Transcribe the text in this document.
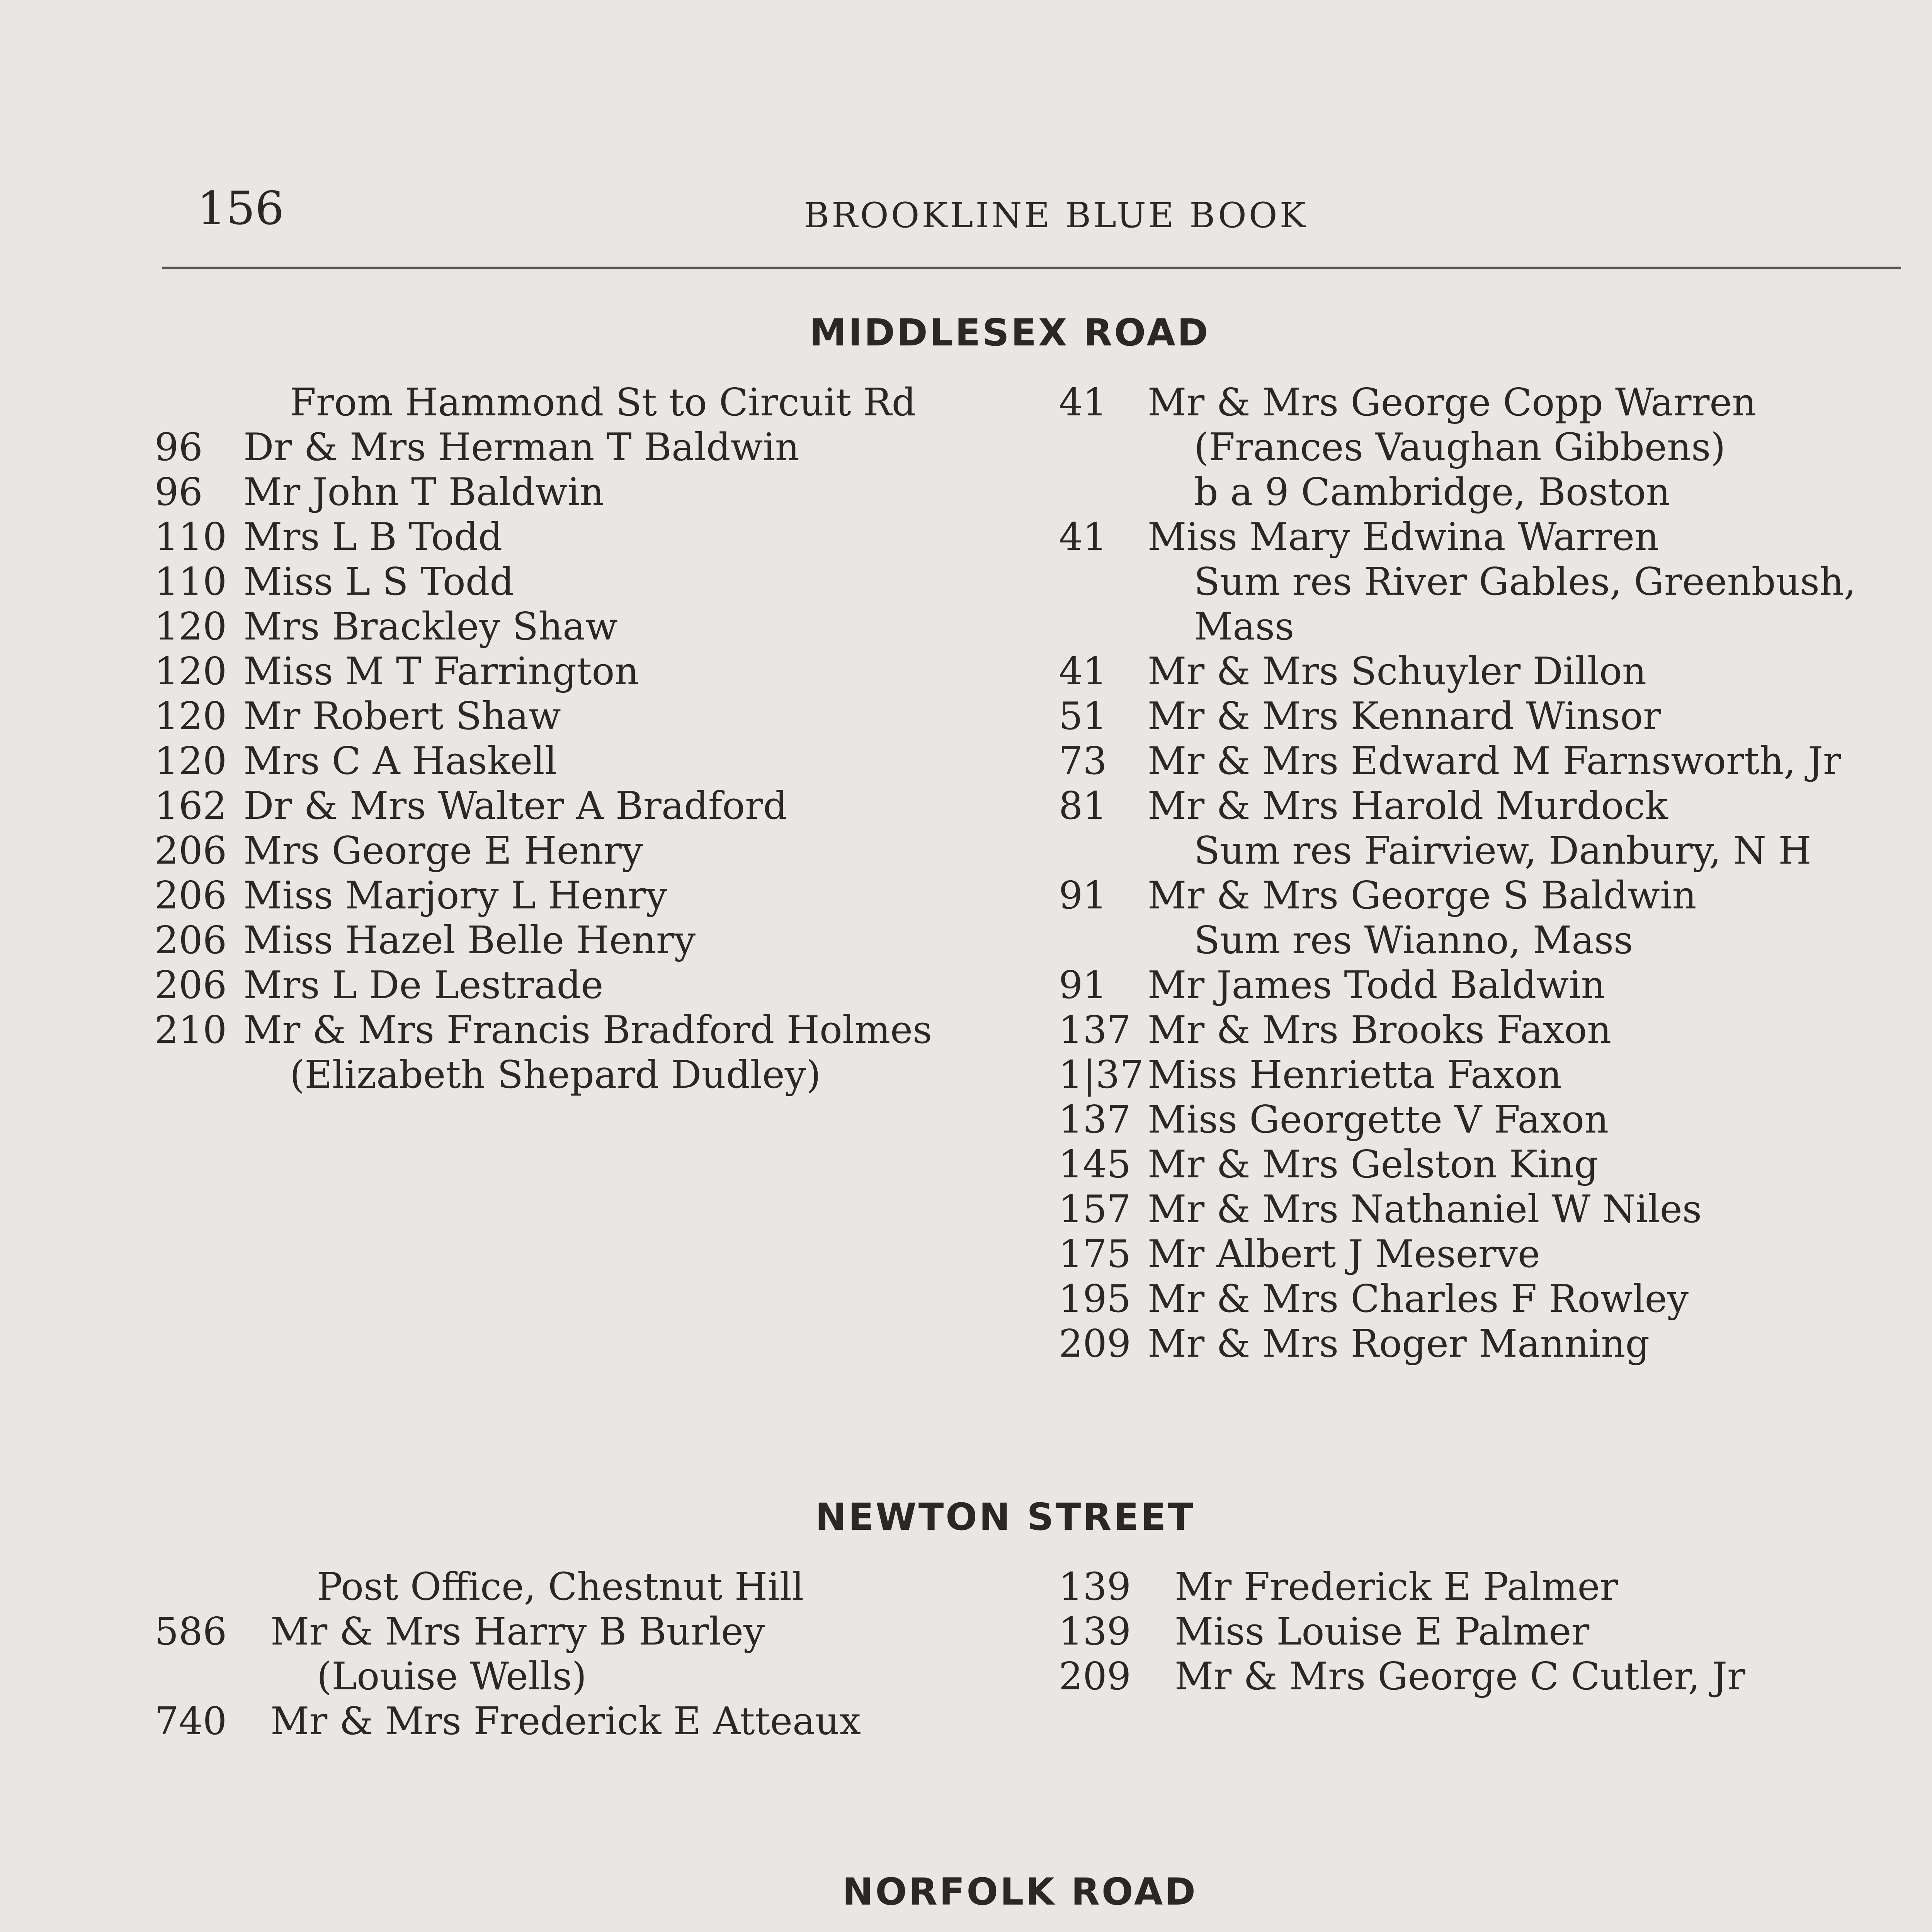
156	BROOKLINE BLUE BOOK
MIDDLESEX ROAD
From Hammond St to Circuit Rd
96 Dr & Mrs Herman T Baldwin
96 Mr John T Baldwin
110 Mrs L B Todd
110 Miss L S Todd
120 Mrs Brackley Shaw
120 Miss M T Farrington
120 Mr Robert Shaw
120 Mrs C A Haskell
162 Dr & Mrs Walter A Bradford
206 Mrs George E Henry
206 Miss Marjory L Henry
206 Miss Hazel Belle Henry
206 Mrs L De Lestrade
210 Mr & Mrs Francis Bradford Holmes
(Elizabeth Shepard Dudley)
41 Mr & Mrs George Copp Warren
(Frances Vaughan Gibbens)
b a 9 Cambridge, Boston
41 Miss Mary Edwina Warren
Sum res River Gables, Greenbush,
Mass
41 Mr & Mrs Schuyler Dillon
51 Mr & Mrs Kennard Winsor
73 Mr & Mrs Edward M Farnsworth, Jr
81 Mr & Mrs Harold Murdock
Sum res Fairview, Danbury, N H
91 Mr & Mrs George S Baldwin
Sum res Wianno, Mass
91 Mr James Todd Baldwin
137 Mr & Mrs Brooks Faxon
1|37 Miss Henrietta Faxon
137 Miss Georgette V Faxon
145 Mr & Mrs Gelston King
157 Mr & Mrs Nathaniel W Niles
175 Mr Albert J Meserve
195 Mr & Mrs Charles F Rowley
209 Mr & Mrs Roger Manning
NEWTON STREET
Post Office, Chestnut Hill
586 Mr & Mrs Harry B Burley
(Louise Wells)
740 Mr & Mrs Frederick E Atteaux
139 Mr Frederick E Palmer
139 Miss Louise E Palmer
209 Mr & Mrs George C Cutler, Jr
NORFOLK ROAD
